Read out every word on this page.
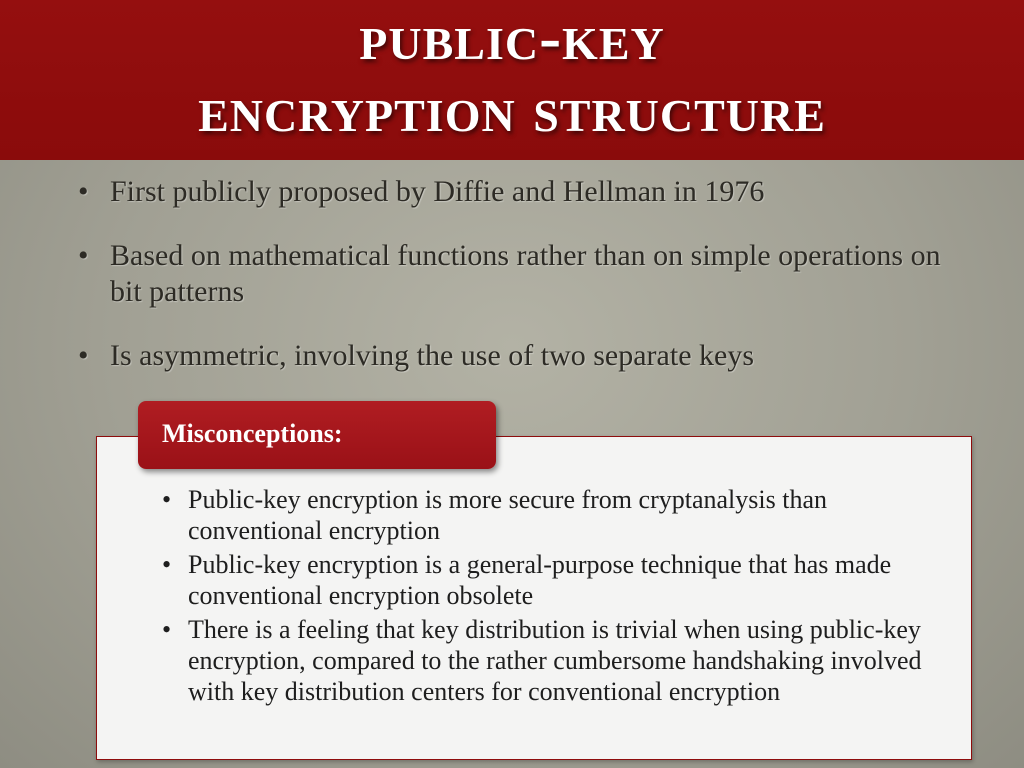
public-key
encryption structure
• First publicly proposed by Diffie and Hellman in 1976
• Based on mathematical functions rather than on simple operations on bit patterns
• Is asymmetric, involving the use of two separate keys
Misconceptions:
• Public-key encryption is more secure from cryptanalysis than conventional encryption
• Public-key encryption is a general-purpose technique that has made conventional encryption obsolete
• There is a feeling that key distribution is trivial when using public-key encryption, compared to the rather cumbersome handshaking involved with key distribution centers for conventional encryption
